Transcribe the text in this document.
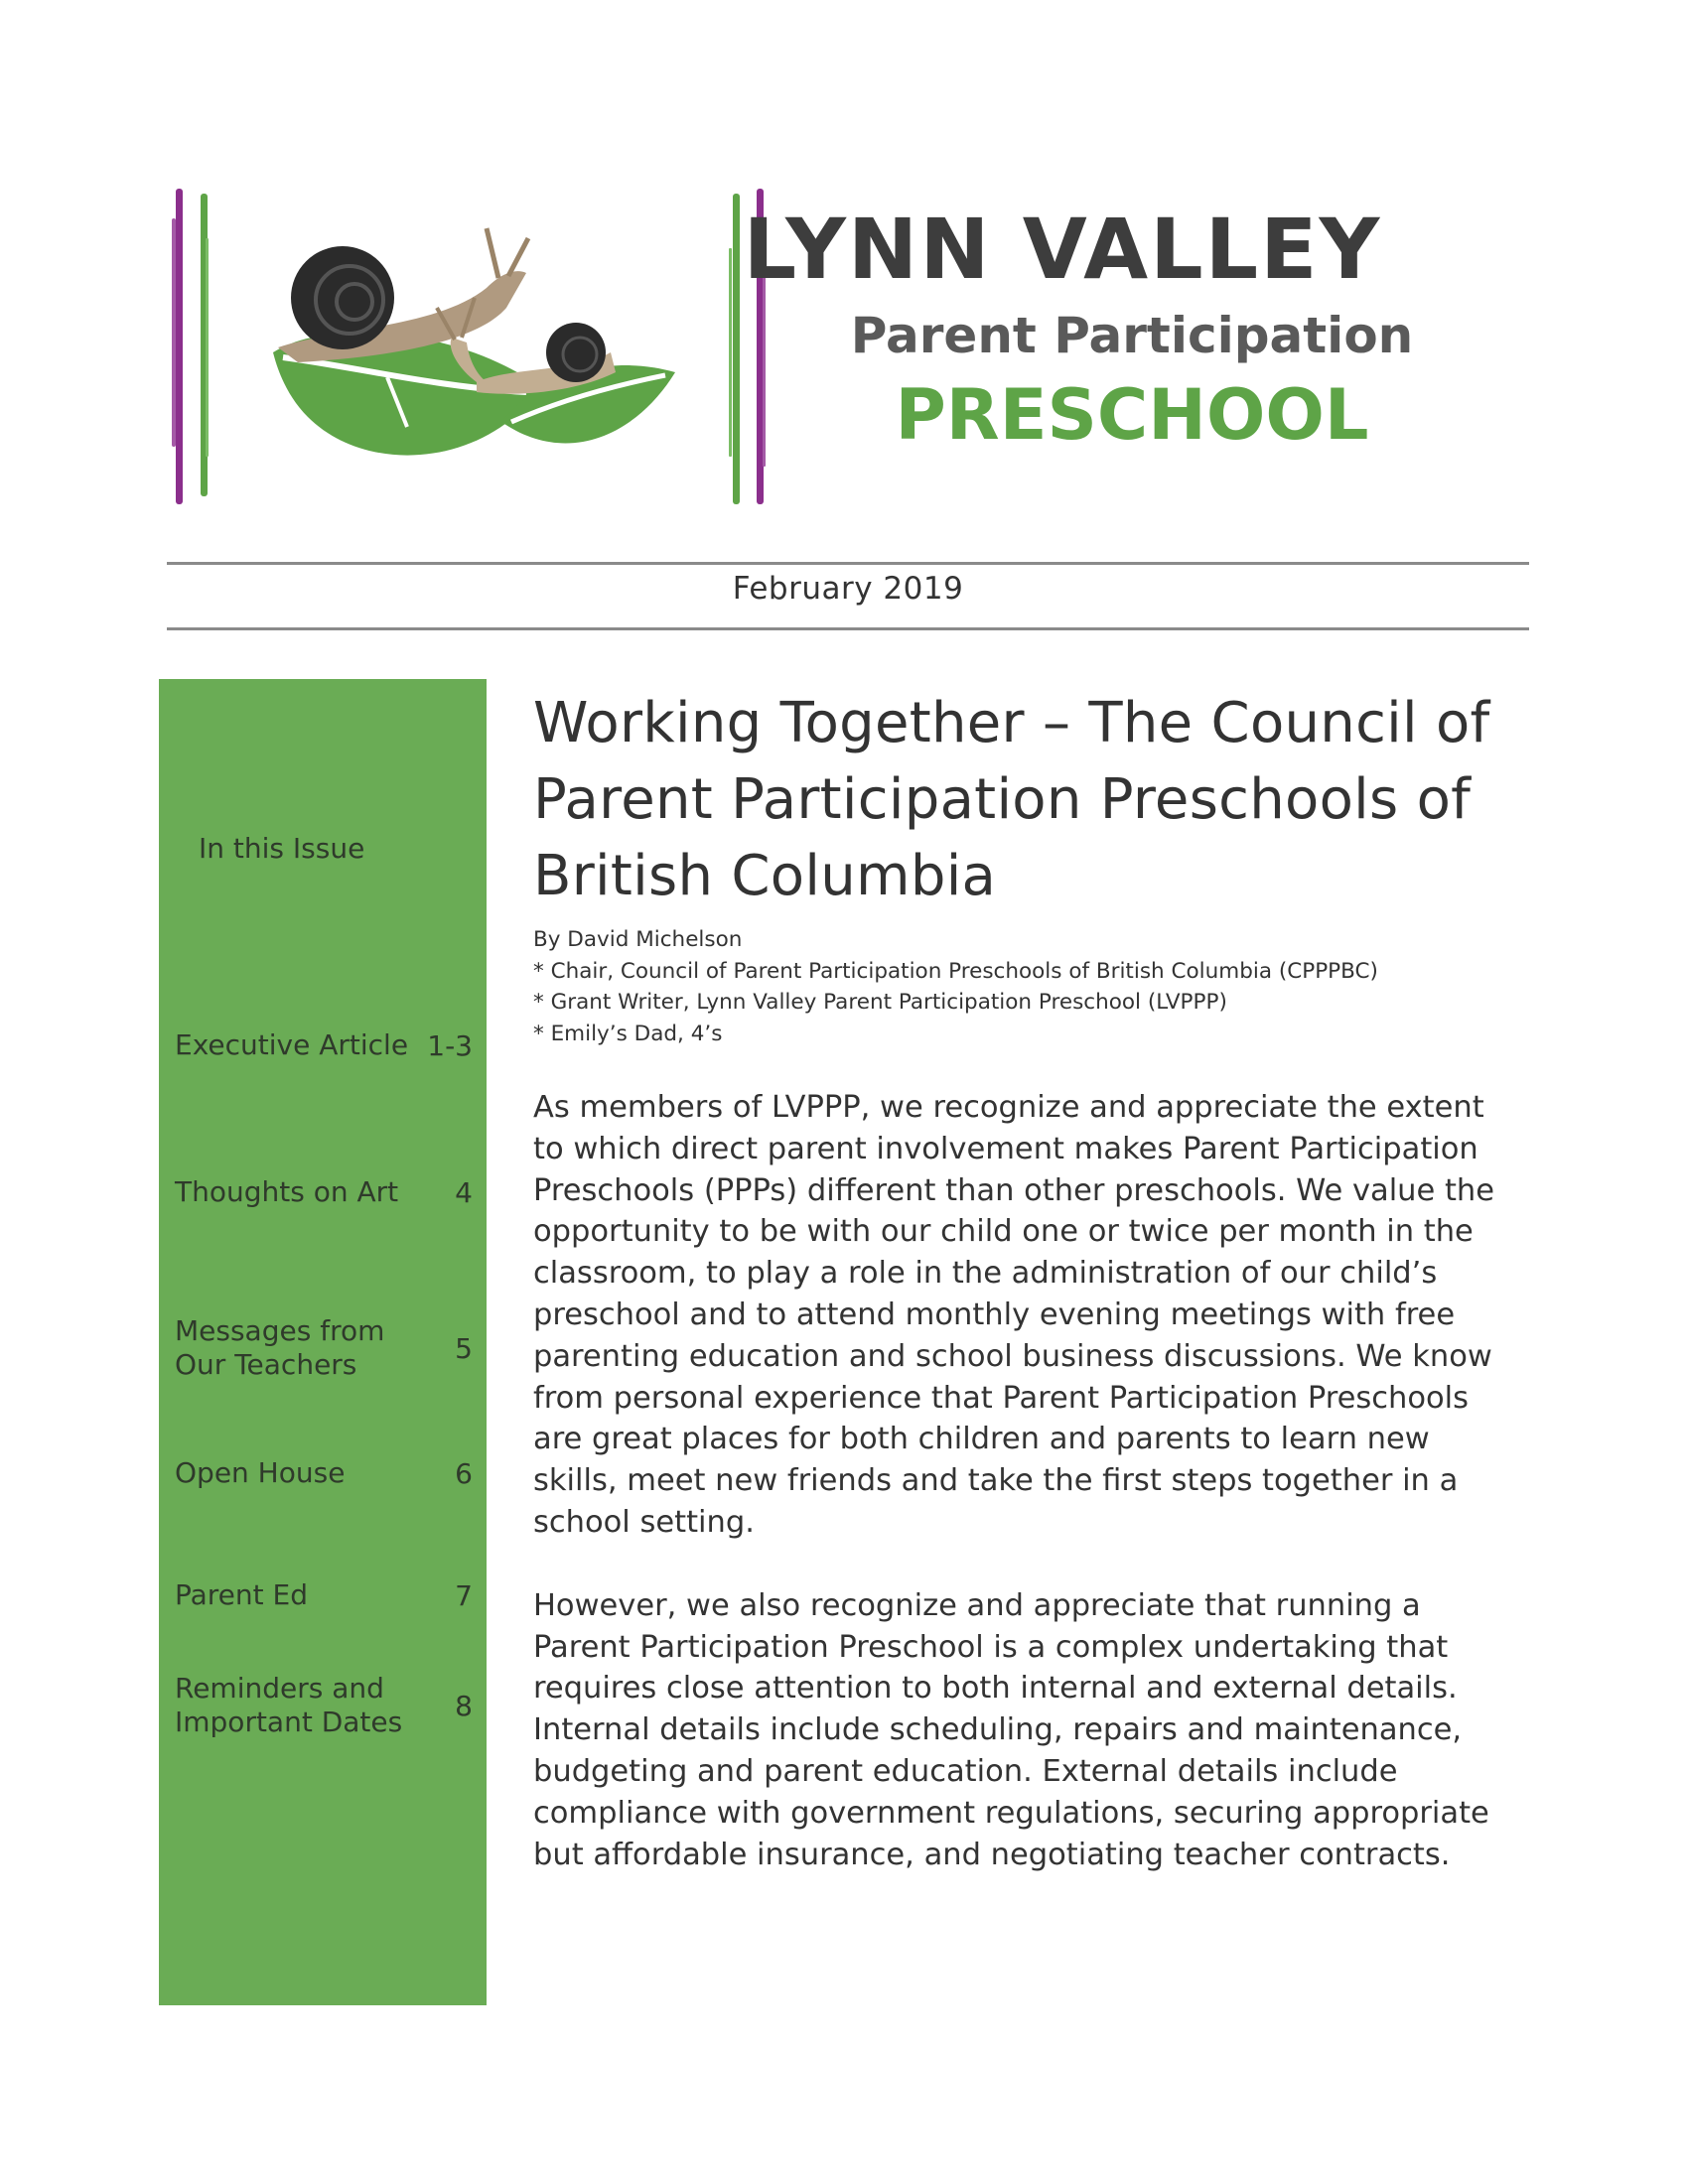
LYNN VALLEY
Parent Participation
PRESCHOOL
February 2019
In this Issue
Executive Article 1-3
Thoughts on Art	4
Messages from Our Teachers	5
Open House	6
Parent Ed	7
Reminders and Important Dates	8
Working Together – The Council of Parent Participation Preschools of British Columbia
By David Michelson
* Chair, Council of Parent Participation Preschools of British Columbia (CPPPBC)
* Grant Writer, Lynn Valley Parent Participation Preschool (LVPPP)
* Emily’s Dad, 4’s

As members of LVPPP, we recognize and appreciate the extent to which direct parent involvement makes Parent Participation Preschools (PPPs) different than other preschools. We value the opportunity to be with our child one or twice per month in the classroom, to play a role in the administration of our child’s preschool and to attend monthly evening meetings with free parenting education and school business discussions. We know from personal experience that Parent Participation Preschools are great places for both children and parents to learn new skills, meet new friends and take the first steps together in a school setting.

However, we also recognize and appreciate that running a Parent Participation Preschool is a complex undertaking that requires close attention to both internal and external details. Internal details include scheduling, repairs and maintenance, budgeting and parent education. External details include compliance with government regulations, securing appropriate but affordable insurance, and negotiating teacher contracts.
